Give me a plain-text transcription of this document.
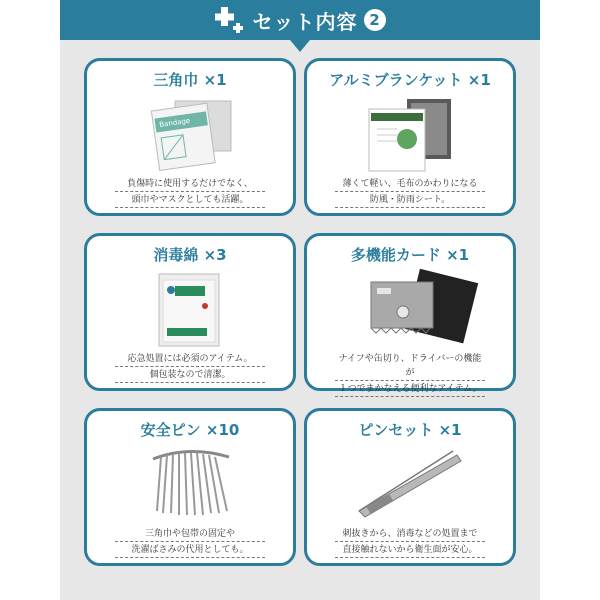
セット内容 2
三角巾 ×1
Bandage
負傷時に使用するだけでなく、
頭巾やマスクとしても活躍。
アルミブランケット ×1
薄くて軽い、毛布のかわりになる
防風・防雨シート。
消毒綿 ×3
応急処置には必須のアイテム。
個包装なので清潔。
多機能カード ×1
ナイフや缶切り、ドライバーの機能が
１つでまかなえる便利なアイテム。
安全ピン ×10
三角巾や包帯の固定や
洗濯ばさみの代用としても。
ピンセット ×1
刺抜きから、消毒などの処置まで
直接触れないから衛生面が安心。
